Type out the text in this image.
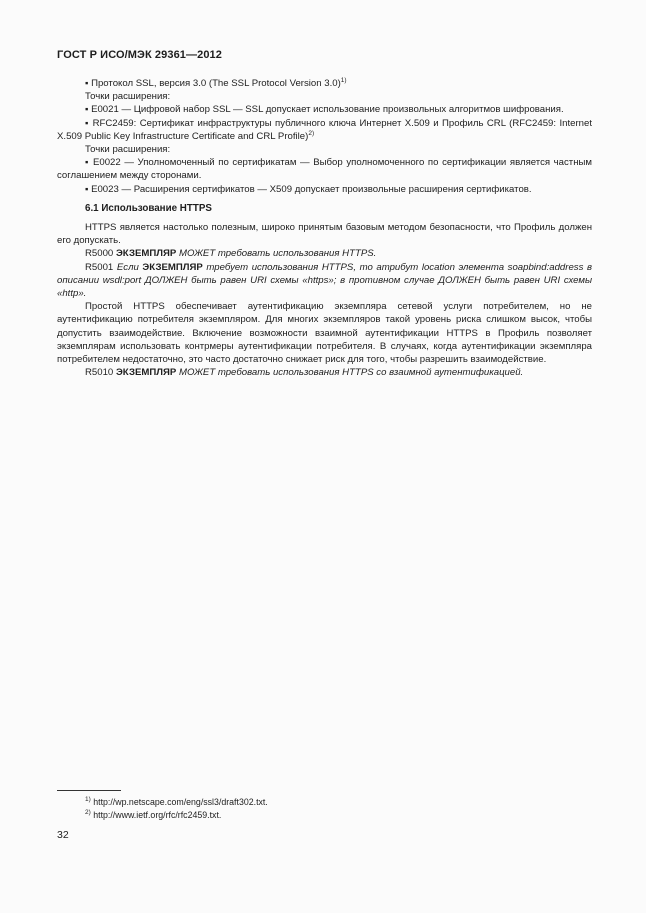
ГОСТ Р ИСО/МЭК 29361—2012

▪ Протокол SSL, версия 3.0 (The SSL Protocol Version 3.0)$^{1)}$

Точки расширения:

▪ E0021 — Цифровой набор SSL — SSL допускает использование произвольных алгоритмов шифрования.

▪ RFC2459: Сертификат инфраструктуры публичного ключа Интернет X.509 и Профиль CRL (RFC2459: Internet X.509 Public Key Infrastructure Certificate and CRL Profile)$^{2)}$

Точки расширения:

▪ E0022 — Уполномоченный по сертификатам — Выбор уполномоченного по сертификации является частным соглашением между сторонами.

▪ E0023 — Расширения сертификатов — X509 допускает произвольные расширения сертификатов.

6.1 Использование HTTPS

HTTPS является настолько полезным, широко принятым базовым методом безопасности, что Профиль должен его допускать.

R5000 ЭКЗЕМПЛЯР МОЖЕТ требовать использования HTTPS.

R5001 Если ЭКЗЕМПЛЯР требует использования HTTPS, то атрибут location элемента soapbind:address в описании wsdl:port ДОЛЖЕН быть равен URI схемы «https»; в противном случае ДОЛЖЕН быть равен URI схемы «http».

Простой HTTPS обеспечивает аутентификацию экземпляра сетевой услуги потребителем, но не аутентификацию потребителя экземпляром. Для многих экземпляров такой уровень риска слишком высок, чтобы допустить взаимодействие. Включение возможности взаимной аутентификации HTTPS в Профиль позволяет экземплярам использовать контрмеры аутентификации потребителя. В случаях, когда аутентификации экземпляра потребителем недостаточно, это часто достаточно снижает риск для того, чтобы разрешить взаимодействие.

R5010 ЭКЗЕМПЛЯР МОЖЕТ требовать использования HTTPS со взаимной аутентификацией.

$^{1)}$ http://wp.netscape.com/eng/ssl3/draft302.txt.
$^{2)}$ http://www.ietf.org/rfc/rfc2459.txt.
32
